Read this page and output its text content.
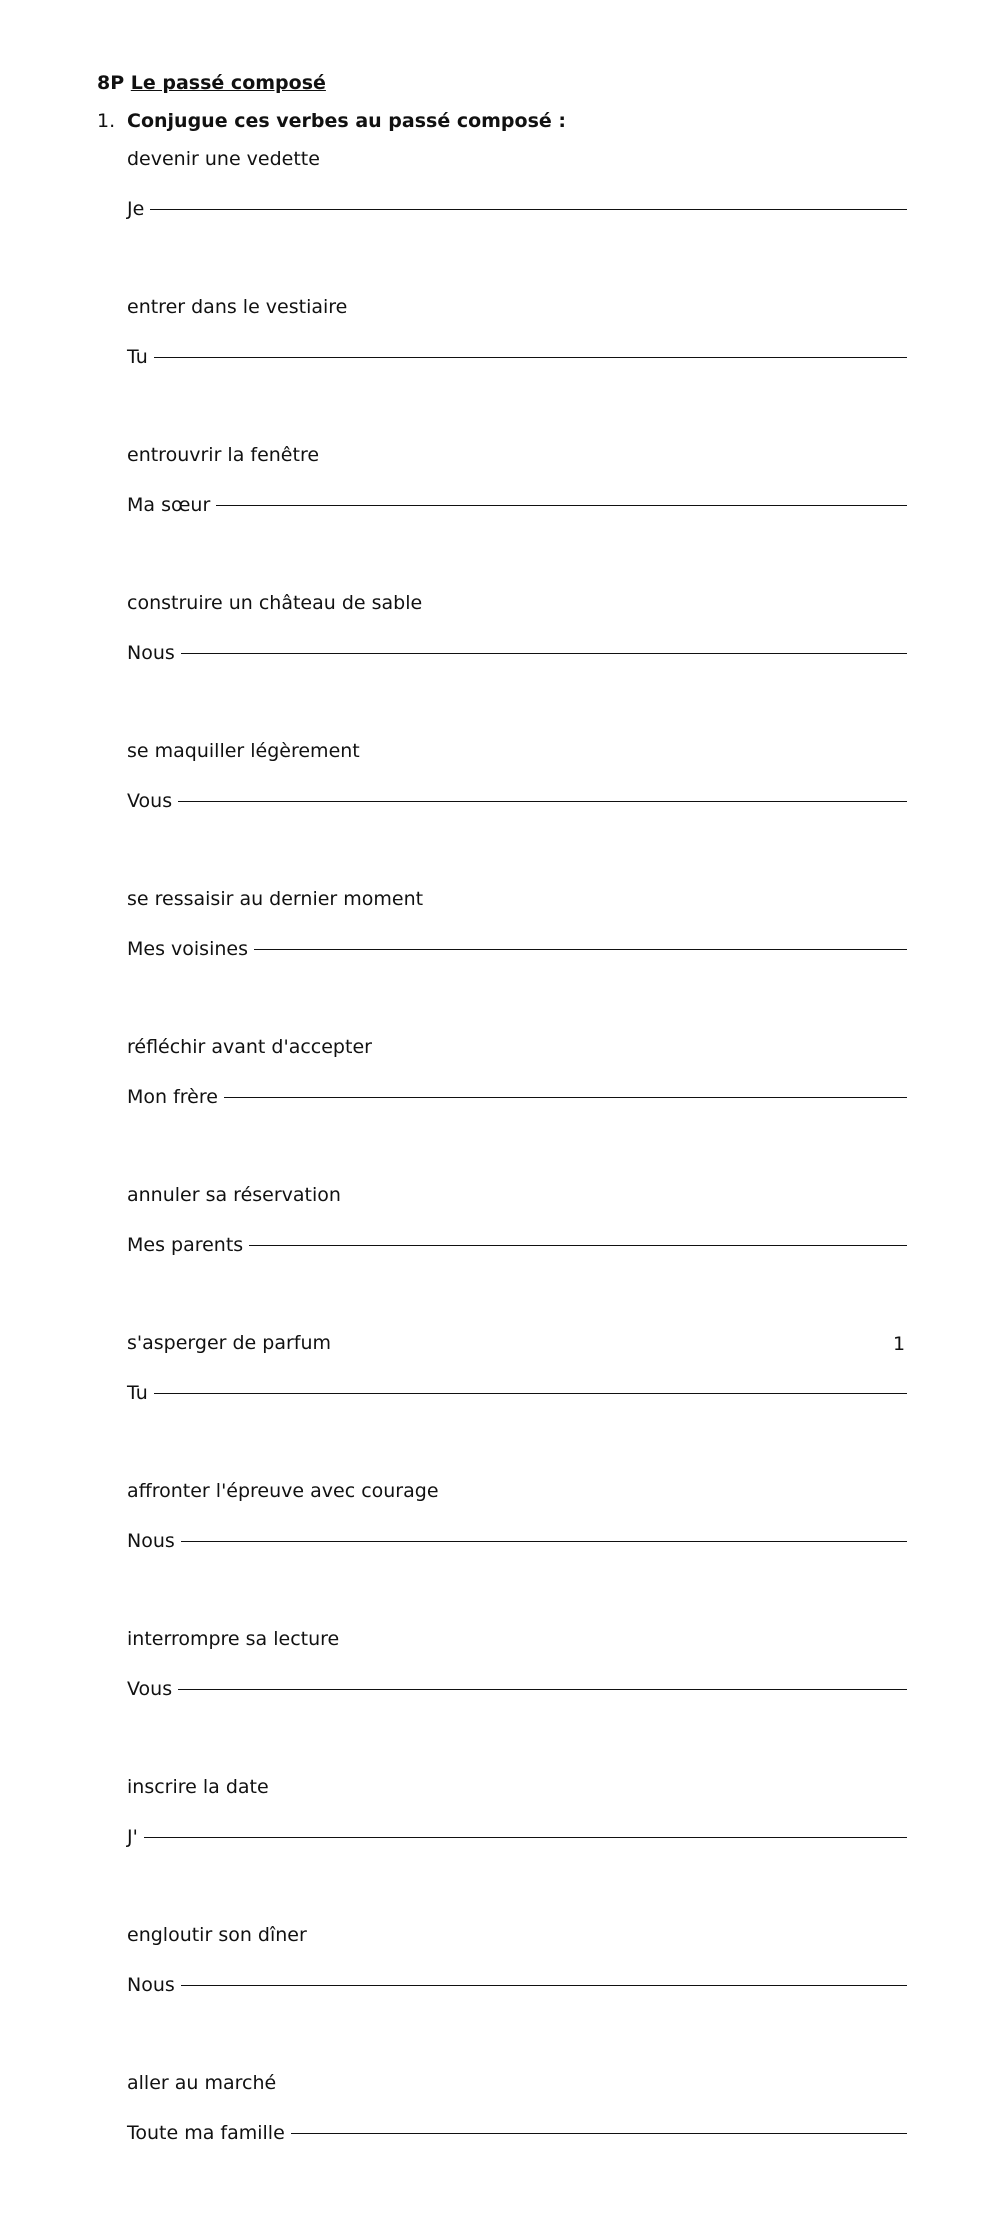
8P Le passé composé
1. Conjugue ces verbes au passé composé :
devenir une vedette
Je
entrer dans le vestiaire
Tu
entrouvrir la fenêtre
Ma sœur
construire un château de sable
Nous
se maquiller légèrement
Vous
se ressaisir au dernier moment
Mes voisines
réfléchir avant d'accepter
Mon frère
annuler sa réservation
Mes parents
s'asperger de parfum
Tu
affronter l'épreuve avec courage
Nous
interrompre sa lecture
Vous
inscrire la date
J'
engloutir son dîner
Nous
aller au marché
Toute ma famille
1
